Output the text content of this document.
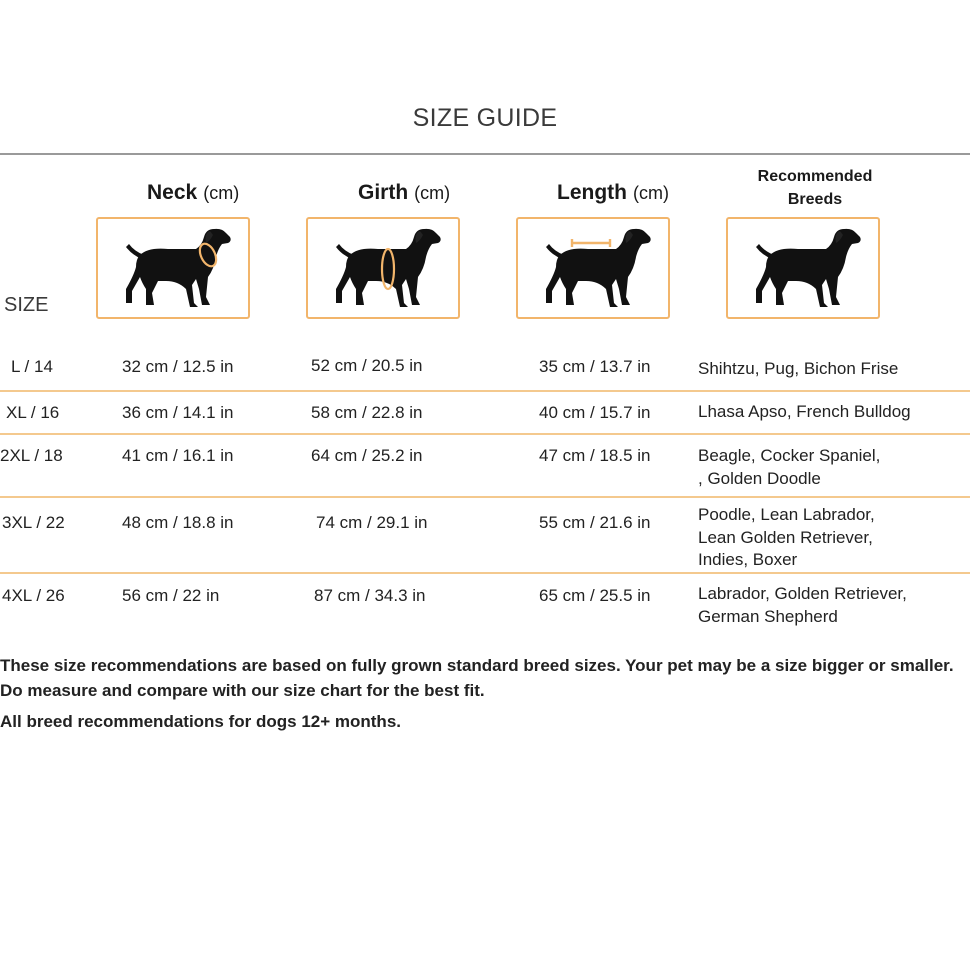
SIZE GUIDE
Neck (cm)	Girth (cm)	Length (cm)
Recommended
Breeds
SIZE
L / 14	32 cm / 12.5 in	52 cm / 20.5 in	35 cm / 13.7 in	Shihtzu, Pug, Bichon Frise
XL / 16	36 cm / 14.1 in	58 cm / 22.8 in	40 cm / 15.7 in	Lhasa Apso, French Bulldog
2XL / 18	41 cm / 16.1 in	64 cm / 25.2 in	47 cm / 18.5 in	Beagle, Cocker Spaniel,
, Golden Doodle
3XL / 22	48 cm / 18.8 in	74 cm / 29.1 in	55 cm / 21.6 in	Poodle, Lean Labrador,
Lean Golden Retriever,
Indies, Boxer
4XL / 26	56 cm / 22 in	87 cm / 34.3 in	65 cm / 25.5 in	Labrador, Golden Retriever,
German Shepherd
These size recommendations are based on fully grown standard breed sizes. Your pet may be a size bigger or smaller.
Do measure and compare with our size chart for the best fit.
All breed recommendations for dogs 12+ months.
